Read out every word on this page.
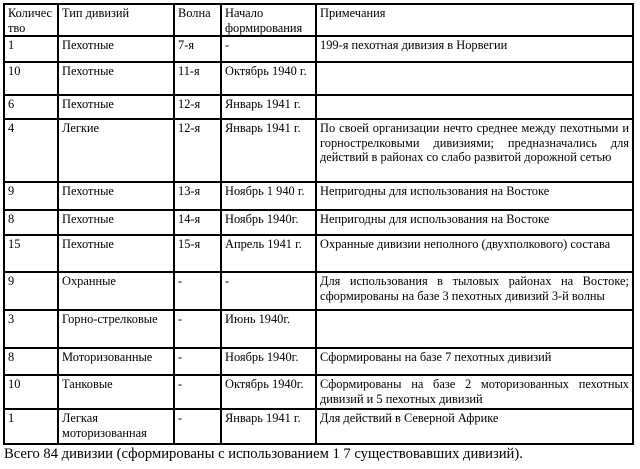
Количество	Тип дивизий	Волна	Начало формирования	Примечания
1	Пехотные	7-я	-	199-я пехотная дивизия в Норвегии
10	Пехотные	11-я	Октябрь 1940 г.	
6	Пехотные	12-я	Январь 1941 г.	
4	Легкие	12-я	Январь 1941 г.	По своей организации нечто среднее между пехотными и горнострелковыми дивизиями; предназначались для действий в районах со слабо развитой дорожной сетью
9	Пехотные	13-я	Ноябрь 1 940 г.	Непригодны для использования на Востоке
8	Пехотные	14-я	Ноябрь 1940г.	Непригодны для использования на Востоке
15	Пехотные	15-я	Апрель 1941 г.	Охранные дивизии неполного (двухполкового) состава
9	Охранные	-	-	Для использования в тыловых районах на Востоке; сформированы на базе 3 пехотных дивизий 3-й волны
3	Горно-стрелковые	-	Июнь 1940г.	
8	Моторизованные	-	Ноябрь 1940г.	Сформированы на базе 7 пехотных дивизий
10	Танковые	-	Октябрь 1940г.	Сформированы на базе 2 моторизованных пехотных дивизий и 5 пехотных дивизий
1	Легкая моторизованная	-	Январь 1941 г.	Для действий в Северной Африке
Всего 84 дивизии (сформированы с использованием 1 7 существовавших дивизий).
